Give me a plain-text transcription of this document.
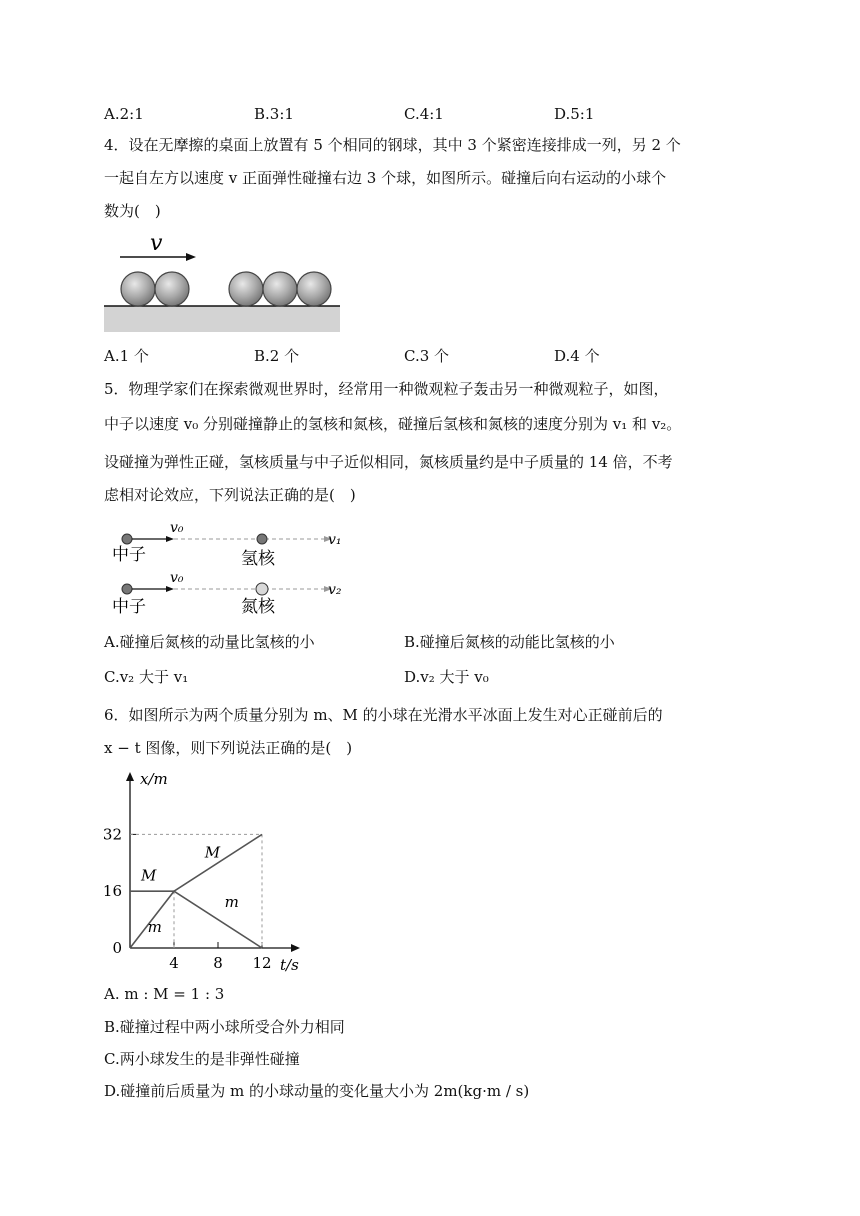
A.2:1	B.3:1	C.4:1	D.5:1
4．设在无摩擦的桌面上放置有 5 个相同的钢球，其中 3 个紧密连接排成一列，另 2 个
一起自左方以速度 v 正面弹性碰撞右边 3 个球，如图所示。碰撞后向右运动的小球个
数为(　)
v
A.1 个	B.2 个	C.3 个	D.4 个
5．物理学家们在探索微观世界时，经常用一种微观粒子轰击另一种微观粒子，如图，
中子以速度 v₀ 分别碰撞静止的氢核和氮核，碰撞后氢核和氮核的速度分别为 v₁ 和 v₂。
设碰撞为弹性正碰，氢核质量与中子近似相同，氮核质量约是中子质量的 14 倍，不考
虑相对论效应，下列说法正确的是(　)
v₀
v₁
中子	氢核
v₀
v₂
中子	氮核
A.碰撞后氮核的动量比氢核的小	B.碰撞后氮核的动能比氢核的小
C.v₂ 大于 v₁	D.v₂ 大于 v₀
6．如图所示为两个质量分别为 m、M 的小球在光滑水平冰面上发生对心正碰前后的
x − t 图像，则下列说法正确的是(　)
x/m
t/s
4 8 12
0
16
32
M
m
M
m
A. m : M = 1 : 3
B.碰撞过程中两小球所受合外力相同
C.两小球发生的是非弹性碰撞
D.碰撞前后质量为 m 的小球动量的变化量大小为 2m(kg·m / s)
